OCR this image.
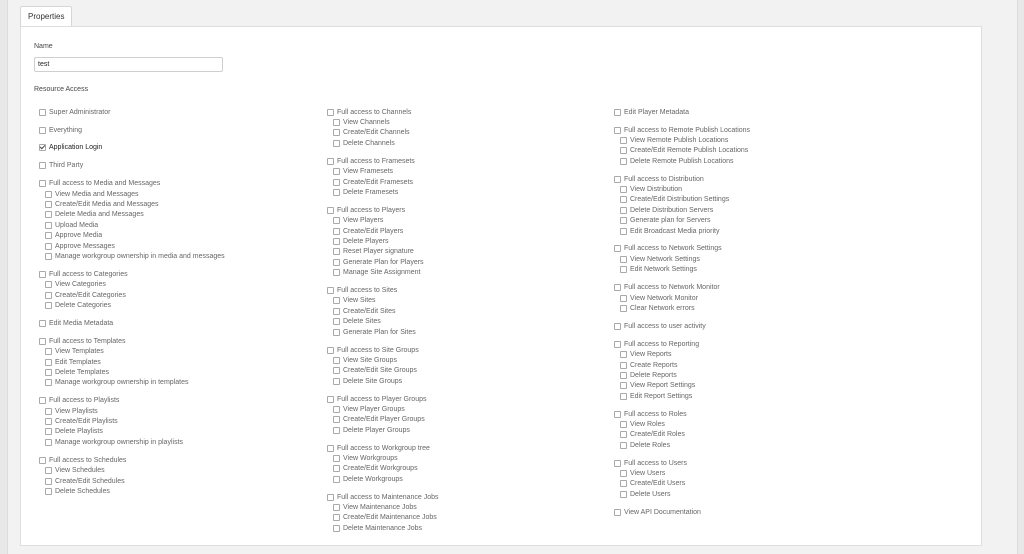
Properties
Name
test
Resource Access
Super Administrator
Everything
Application Login
Third Party
Full access to Media and Messages
View Media and Messages
Create/Edit Media and Messages
Delete Media and Messages
Upload Media
Approve Media
Approve Messages
Manage workgroup ownership in media and messages
Full access to Categories
View Categories
Create/Edit Categories
Delete Categories
Edit Media Metadata
Full access to Templates
View Templates
Edit Templates
Delete Templates
Manage workgroup ownership in templates
Full access to Playlists
View Playlists
Create/Edit Playlists
Delete Playlists
Manage workgroup ownership in playlists
Full access to Schedules
View Schedules
Create/Edit Schedules
Delete Schedules
Full access to Channels
View Channels
Create/Edit Channels
Delete Channels
Full access to Framesets
View Framesets
Create/Edit Framesets
Delete Framesets
Full access to Players
View Players
Create/Edit Players
Delete Players
Reset Player signature
Generate Plan for Players
Manage Site Assignment
Full access to Sites
View Sites
Create/Edit Sites
Delete Sites
Generate Plan for Sites
Full access to Site Groups
View Site Groups
Create/Edit Site Groups
Delete Site Groups
Full access to Player Groups
View Player Groups
Create/Edit Player Groups
Delete Player Groups
Full access to Workgroup tree
View Workgroups
Create/Edit Workgroups
Delete Workgroups
Full access to Maintenance Jobs
View Maintenance Jobs
Create/Edit Maintenance Jobs
Delete Maintenance Jobs
Edit Player Metadata
Full access to Remote Publish Locations
View Remote Publish Locations
Create/Edit Remote Publish Locations
Delete Remote Publish Locations
Full access to Distribution
View Distribution
Create/Edit Distribution Settings
Delete Distribution Servers
Generate plan for Servers
Edit Broadcast Media priority
Full access to Network Settings
View Network Settings
Edit Network Settings
Full access to Network Monitor
View Network Monitor
Clear Network errors
Full access to user activity
Full access to Reporting
View Reports
Create Reports
Delete Reports
View Report Settings
Edit Report Settings
Full access to Roles
View Roles
Create/Edit Roles
Delete Roles
Full access to Users
View Users
Create/Edit Users
Delete Users
View API Documentation
